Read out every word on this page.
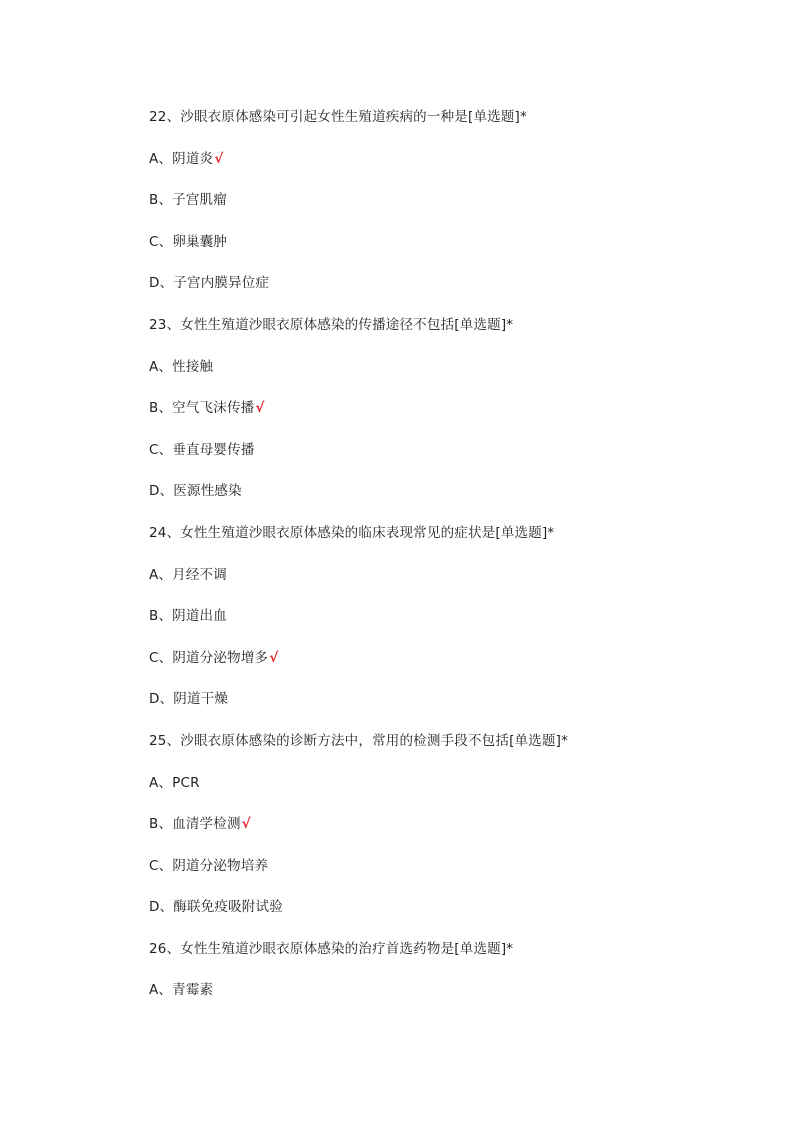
22、沙眼衣原体感染可引起女性生殖道疾病的一种是[单选题]*
A、阴道炎√
B、子宫肌瘤
C、卵巢囊肿
D、子宫内膜异位症
23、女性生殖道沙眼衣原体感染的传播途径不包括[单选题]*
A、性接触
B、空气飞沫传播√
C、垂直母婴传播
D、医源性感染
24、女性生殖道沙眼衣原体感染的临床表现常见的症状是[单选题]*
A、月经不调
B、阴道出血
C、阴道分泌物增多√
D、阴道干燥
25、沙眼衣原体感染的诊断方法中，常用的检测手段不包括[单选题]*
A、PCR
B、血清学检测√
C、阴道分泌物培养
D、酶联免疫吸附试验
26、女性生殖道沙眼衣原体感染的治疗首选药物是[单选题]*
A、青霉素
